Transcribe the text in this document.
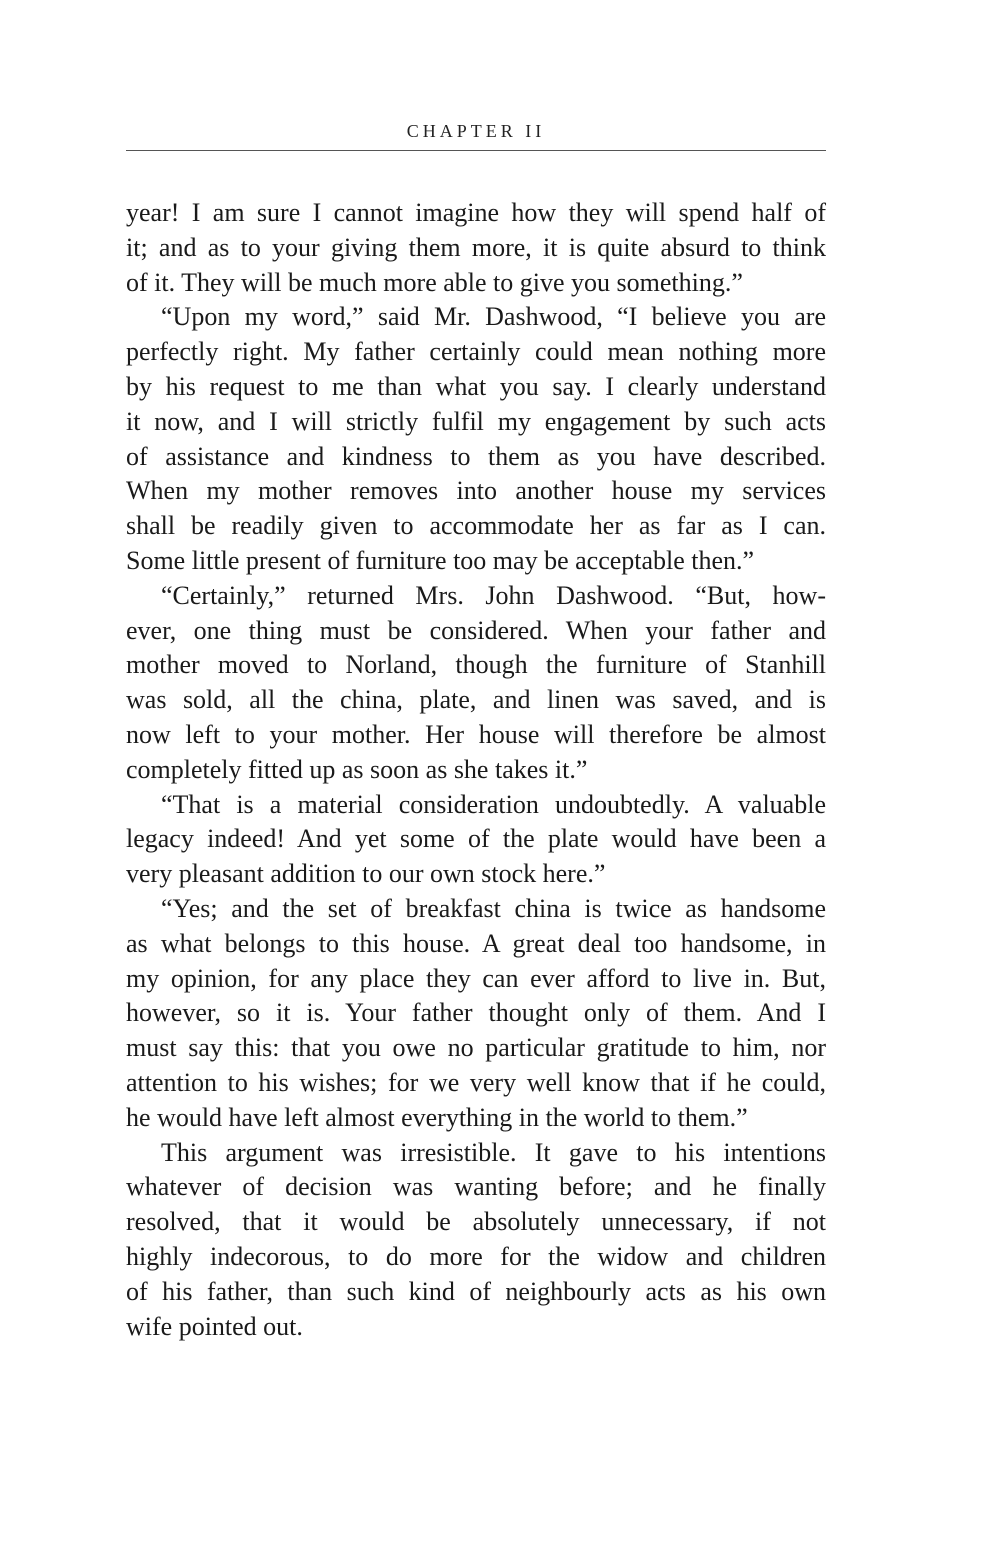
CHAPTER II
year! I am sure I cannot imagine how they will spend half of
it; and as to your giving them more, it is quite absurd to think
of it. They will be much more able to give you something.”
“Upon my word,” said Mr. Dashwood, “I believe you are
perfectly right. My father certainly could mean nothing more
by his request to me than what you say. I clearly understand
it now, and I will strictly fulfil my engagement by such acts
of assistance and kindness to them as you have described.
When my mother removes into another house my services
shall be readily given to accommodate her as far as I can.
Some little present of furniture too may be acceptable then.”
“Certainly,” returned Mrs. John Dashwood. “But, how-
ever, one thing must be considered. When your father and
mother moved to Norland, though the furniture of Stanhill
was sold, all the china, plate, and linen was saved, and is
now left to your mother. Her house will therefore be almost
completely fitted up as soon as she takes it.”
“That is a material consideration undoubtedly. A valuable
legacy indeed! And yet some of the plate would have been a
very pleasant addition to our own stock here.”
“Yes; and the set of breakfast china is twice as handsome
as what belongs to this house. A great deal too handsome, in
my opinion, for any place they can ever afford to live in. But,
however, so it is. Your father thought only of them. And I
must say this: that you owe no particular gratitude to him, nor
attention to his wishes; for we very well know that if he could,
he would have left almost everything in the world to them.”
This argument was irresistible. It gave to his intentions
whatever of decision was wanting before; and he finally
resolved, that it would be absolutely unnecessary, if not
highly indecorous, to do more for the widow and children
of his father, than such kind of neighbourly acts as his own
wife pointed out.
